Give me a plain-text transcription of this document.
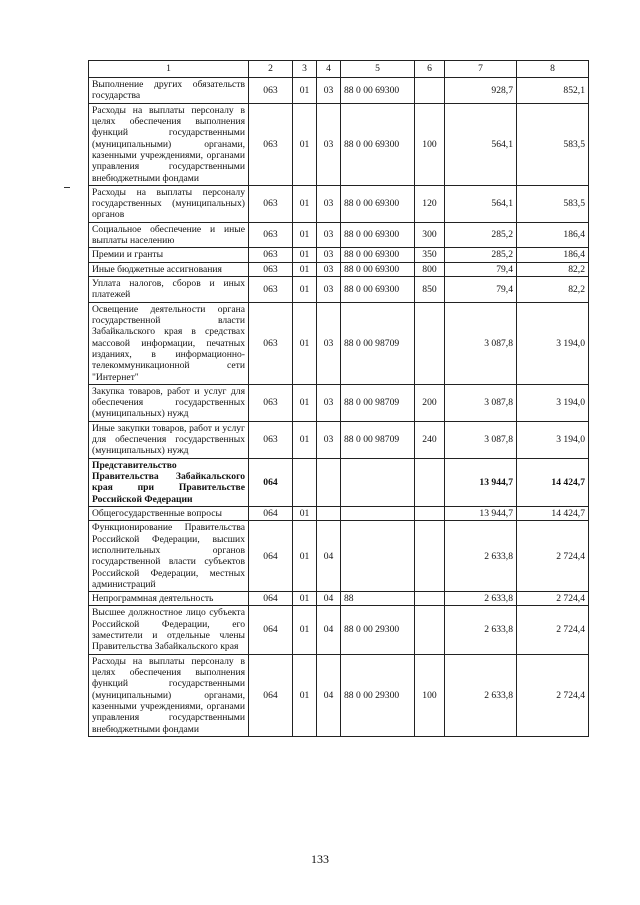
1	2	3	4	5	6	7	8
Выполнение других обязательств государства	063	01	03	88 0 00 69300		928,7	852,1
Расходы на выплаты персоналу в целях обеспечения выполнения функций государственными (муниципальными) органами, казенными учреждениями, органами управления государственными внебюджетными фондами	063	01	03	88 0 00 69300	100	564,1	583,5
Расходы на выплаты персоналу государственных (муниципальных) органов	063	01	03	88 0 00 69300	120	564,1	583,5
Социальное обеспечение и иные выплаты населению	063	01	03	88 0 00 69300	300	285,2	186,4
Премии и гранты	063	01	03	88 0 00 69300	350	285,2	186,4
Иные бюджетные ассигнования	063	01	03	88 0 00 69300	800	79,4	82,2
Уплата налогов, сборов и иных платежей	063	01	03	88 0 00 69300	850	79,4	82,2
Освещение деятельности органа государственной власти Забайкальского края в средствах массовой информации, печатных изданиях, в информационно-телекоммуникационной сети "Интернет"	063	01	03	88 0 00 98709		3 087,8	3 194,0
Закупка товаров, работ и услуг для обеспечения государственных (муниципальных) нужд	063	01	03	88 0 00 98709	200	3 087,8	3 194,0
Иные закупки товаров, работ и услуг для обеспечения государственных (муниципальных) нужд	063	01	03	88 0 00 98709	240	3 087,8	3 194,0
Представительство Правительства Забайкальского края при Правительстве Российской Федерации	064					13 944,7	14 424,7
Общегосударственные вопросы	064	01				13 944,7	14 424,7
Функционирование Правительства Российской Федерации, высших исполнительных органов государственной власти субъектов Российской Федерации, местных администраций	064	01	04			2 633,8	2 724,4
Непрограммная деятельность	064	01	04	88		2 633,8	2 724,4
Высшее должностное лицо субъекта Российской Федерации, его заместители и отдельные члены Правительства Забайкальского края	064	01	04	88 0 00 29300		2 633,8	2 724,4
Расходы на выплаты персоналу в целях обеспечения выполнения функций государственными (муниципальными) органами, казенными учреждениями, органами управления государственными внебюджетными фондами	064	01	04	88 0 00 29300	100	2 633,8	2 724,4
133
